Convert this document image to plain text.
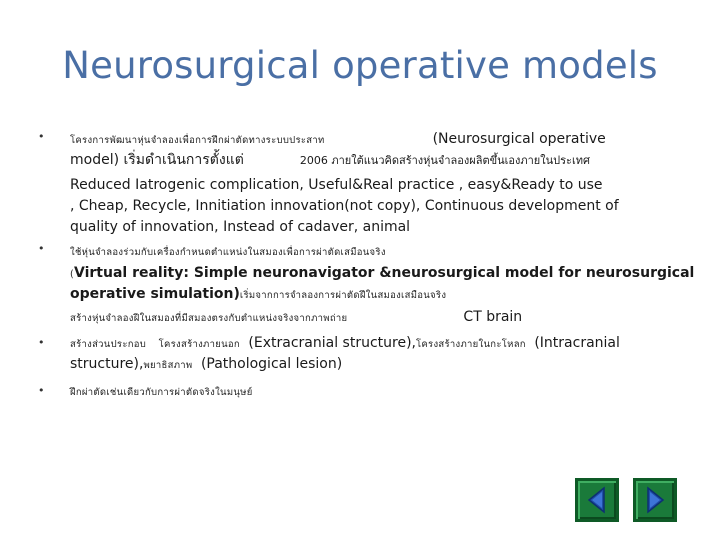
Neurosurgical operative models
•	โครงการพัฒนาหุ่นจำลองเพื่อการฝึกผ่าตัดทางระบบประสาท	(Neurosurgical operative
model) เริ่มดำเนินการตั้งแต่	2006 ภายใต้แนวคิดสร้างหุ่นจำลองผลิตขึ้นเองภายในประเทศ
Reduced Iatrogenic complication, Useful&Real practice , easy&Ready to use
, Cheap, Recycle, Innitiation innovation(not copy), Continuous development of
quality of innovation, Instead of cadaver, animal
•	ใช้หุ่นจำลองร่วมกับเครื่องกำหนดตำแหน่งในสมองเพื่อการผ่าตัดเสมือนจริง
(Virtual reality: Simple neuronavigator &neurosurgical model for neurosurgical
operative simulation)เริ่มจากการจำลองการผ่าตัดฝึในสมองเสมือนจริง
สร้างหุ่นจำลองฝีในสมองที่มีสมองตรงกับตำแหน่งจริงจากภาพถ่าย	CT brain
•	สร้างส่วนประกอบ โครงสร้างภายนอก (Extracranial structure),โครงสร้างภายในกะโหลก (Intracranial
structure),พยาธิสภาพ (Pathological lesion)
•	ฝึกผ่าตัดเช่นเดียวกับการผ่าตัดจริงในมนุษย์
